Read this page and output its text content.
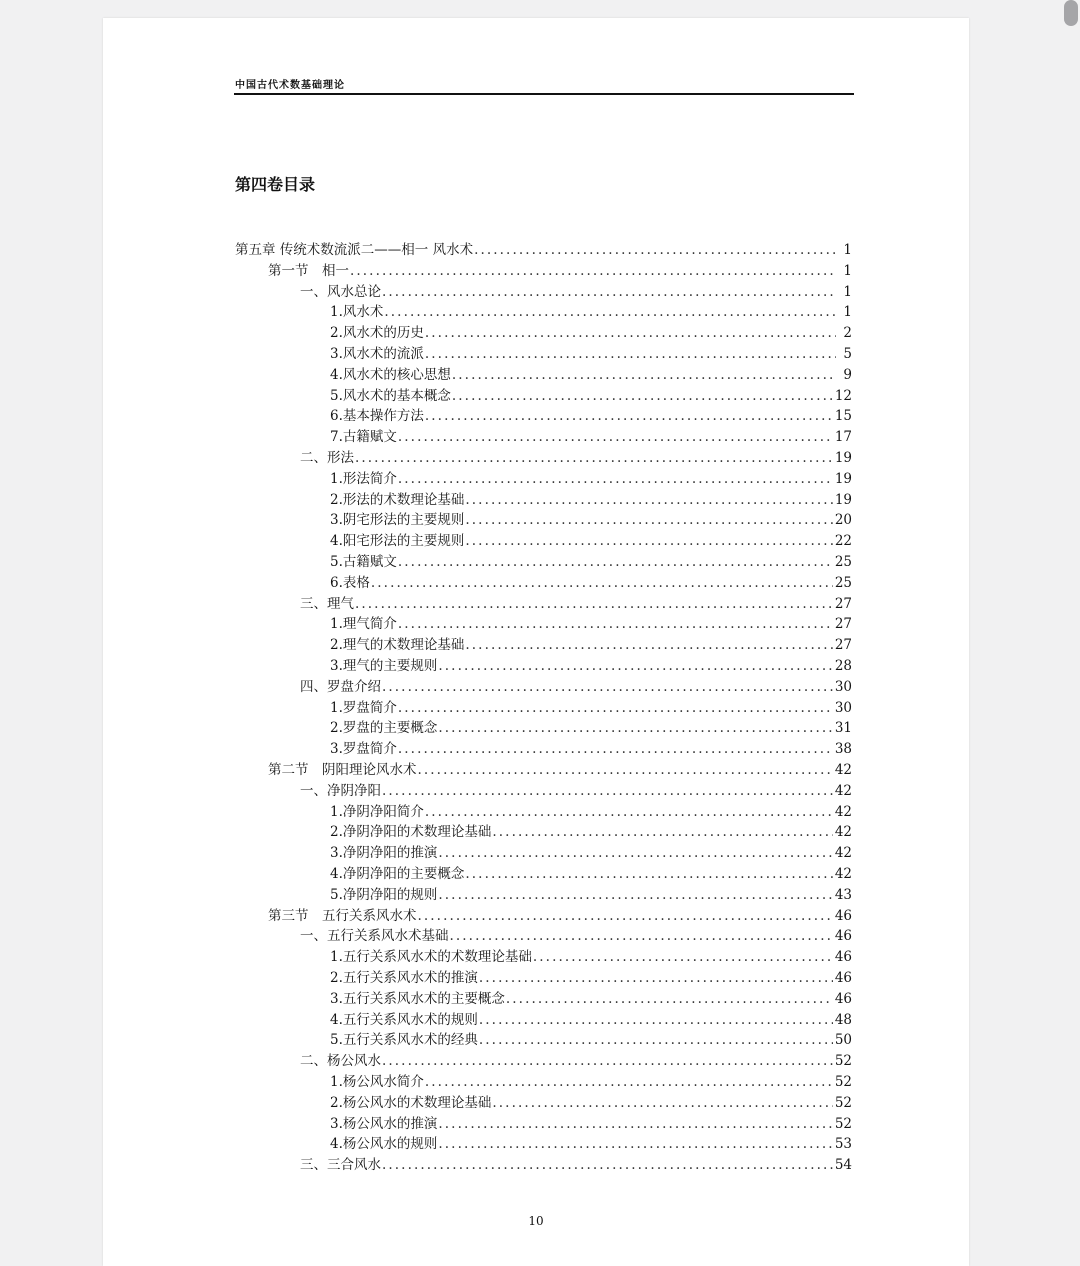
中国古代术数基础理论
第四卷目录
第五章 传统术数流派二——相一 风水术 .....	1
第一节　相一 .....	1
一、风水总论 .....	1
1.风水术 .....	1
2.风水术的历史 .....	2
3.风水术的流派 .....	5
4.风水术的核心思想 .....	9
5.风水术的基本概念 .....	12
6.基本操作方法 .....	15
7.古籍赋文 .....	17
二、形法 .....	19
1.形法简介 .....	19
2.形法的术数理论基础 .....	19
3.阴宅形法的主要规则 .....	20
4.阳宅形法的主要规则 .....	22
5.古籍赋文 .....	25
6.表格 .....	25
三、理气 .....	27
1.理气简介 .....	27
2.理气的术数理论基础 .....	27
3.理气的主要规则 .....	28
四、罗盘介绍 .....	30
1.罗盘简介 .....	30
2.罗盘的主要概念 .....	31
3.罗盘简介 .....	38
第二节　阴阳理论风水术 .....	42
一、净阴净阳 .....	42
1.净阴净阳简介 .....	42
2.净阴净阳的术数理论基础 .....	42
3.净阴净阳的推演 .....	42
4.净阴净阳的主要概念 .....	42
5.净阴净阳的规则 .....	43
第三节　五行关系风水术 .....	46
一、五行关系风水术基础 .....	46
1.五行关系风水术的术数理论基础 .....	46
2.五行关系风水术的推演 .....	46
3.五行关系风水术的主要概念 .....	46
4.五行关系风水术的规则 .....	48
5.五行关系风水术的经典 .....	50
二、杨公风水 .....	52
1.杨公风水简介 .....	52
2.杨公风水的术数理论基础 .....	52
3.杨公风水的推演 .....	52
4.杨公风水的规则 .....	53
三、三合风水 .....	54
10
